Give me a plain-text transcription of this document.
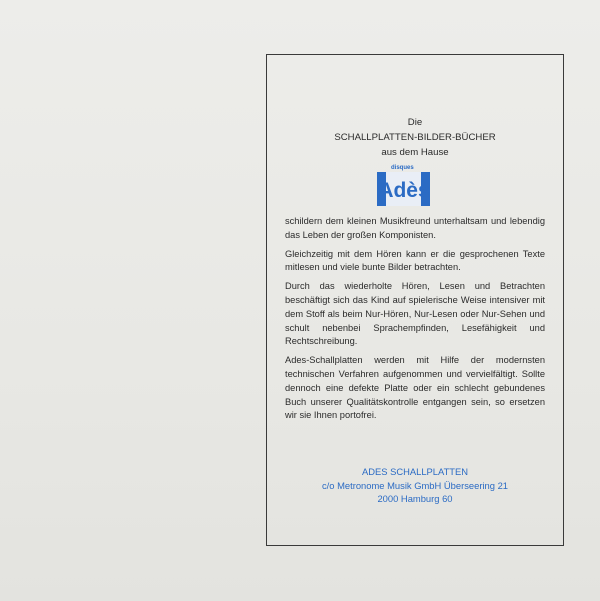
Die
SCHALLPLATTEN-BILDER-BÜCHER
aus dem Hause
disques
Adès

schildern dem kleinen Musikfreund unterhaltsam und lebendig das Leben der großen Komponisten.

Gleichzeitig mit dem Hören kann er die gesprochenen Texte mitlesen und viele bunte Bilder betrachten.

Durch das wiederholte Hören, Lesen und Betrachten beschäftigt sich das Kind auf spielerische Weise intensiver mit dem Stoff als beim Nur-Hören, Nur-Lesen oder Nur-Sehen und schult nebenbei Sprachempfinden, Lesefähigkeit und Rechtschreibung.

Ades-Schallplatten werden mit Hilfe der modernsten technischen Verfahren aufgenommen und vervielfältigt. Sollte dennoch eine defekte Platte oder ein schlecht gebundenes Buch unserer Qualitätskontrolle entgangen sein, so ersetzen wir sie Ihnen portofrei.

ADES SCHALLPLATTEN
c/o Metronome Musik GmbH Überseering 21
2000 Hamburg 60
